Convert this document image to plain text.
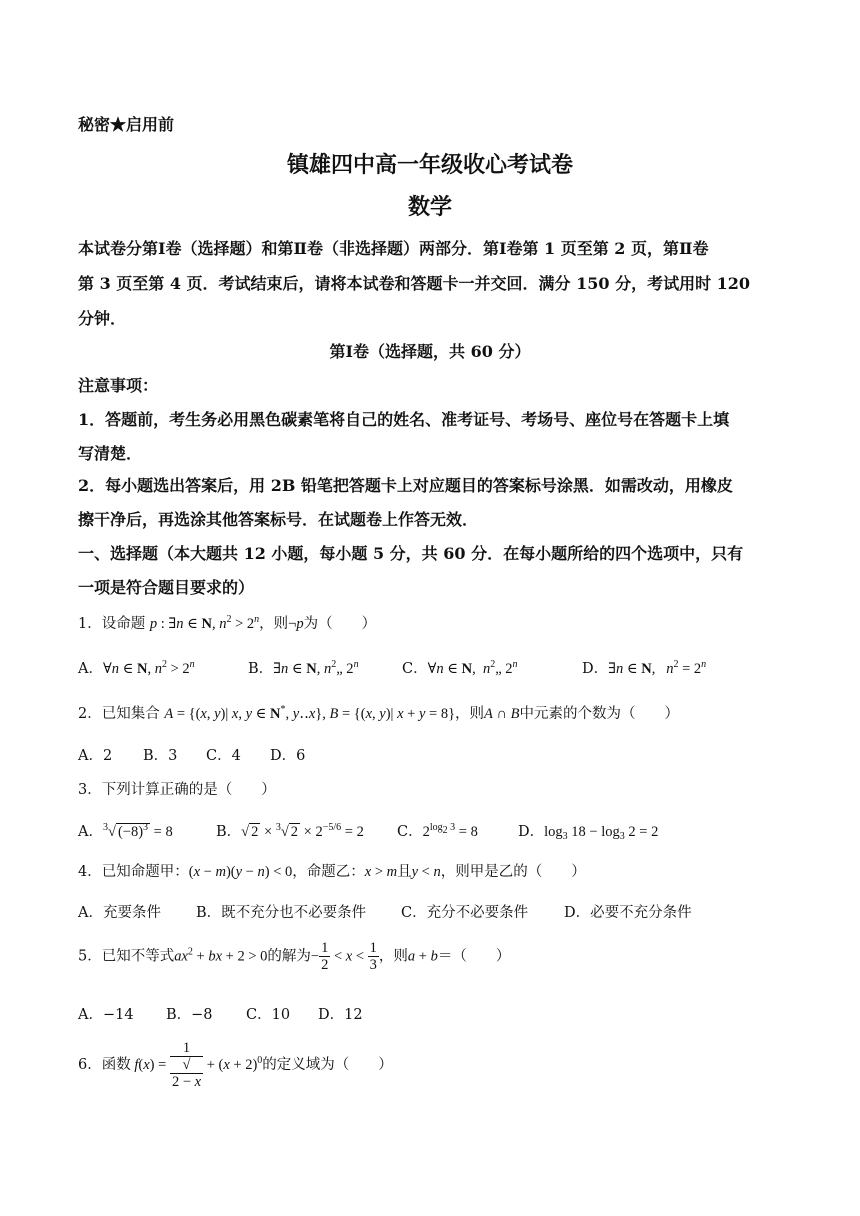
秘密★启用前
镇雄四中高一年级收心考试卷
数学
本试卷分第Ⅰ卷（选择题）和第Ⅱ卷（非选择题）两部分．第Ⅰ卷第 1 页至第 2 页，第Ⅱ卷
第 3 页至第 4 页．考试结束后，请将本试卷和答题卡一并交回．满分 150 分，考试用时 120
分钟．
第Ⅰ卷（选择题，共 60 分）
注意事项：
1．答题前，考生务必用黑色碳素笔将自己的姓名、准考证号、考场号、座位号在答题卡上填
写清楚．
2．每小题选出答案后，用 2B 铅笔把答题卡上对应题目的答案标号涂黑．如需改动，用橡皮
擦干净后，再选涂其他答案标号．在试题卷上作答无效．
一、选择题（本大题共 12 小题，每小题 5 分，共 60 分．在每小题所给的四个选项中，只有
一项是符合题目要求的）
1．设命题 p : ∃n ∈ N, $n^2 > 2^n$，则¬p为（　　）
A．∀n ∈ N, $n^2 > 2^n$	B．∃n ∈ N, $n^2„$ 2$^n$	C．∀n ∈ N,  $n^2„$ 2$^n$	D．∃n ∈ N,   $n^2 = 2^n$
2．已知集合 A = {(x, y)| x, y ∈ N*, y‥x}, B = {(x, y)| x + y = 8}，则A ∩ B中元素的个数为（　　）
A．2 B．3 C．4 D．6
3．下列计算正确的是（　　）
A．$^3$√ $(-8)^3 = 8$	B．√ 2 × $^3$√ $2 \times 2^{-5/6} = 2$ C．$2^{log_2 3} = 8$	D．$\log_3 18 - \log_3 2 = 2$
4．已知命题甲：(x − m)(y − n) < 0，命题乙：x > m且y < n，则甲是乙的（　　）
A．充要条件 B．既不充分也不必要条件 C．充分不必要条件 D．必要不充分条件
5．已知不等式$ax^2$ + bx + 2 > 0的解为− $\frac{1}{2} < x < \frac{1}{3}$ ，则a + b＝（　　）
A．−14 B．−8 C．10 D．12
6．函数 f(x) = 1
√
$2 - x + (x + 2)^0$的定义域为（　　）
